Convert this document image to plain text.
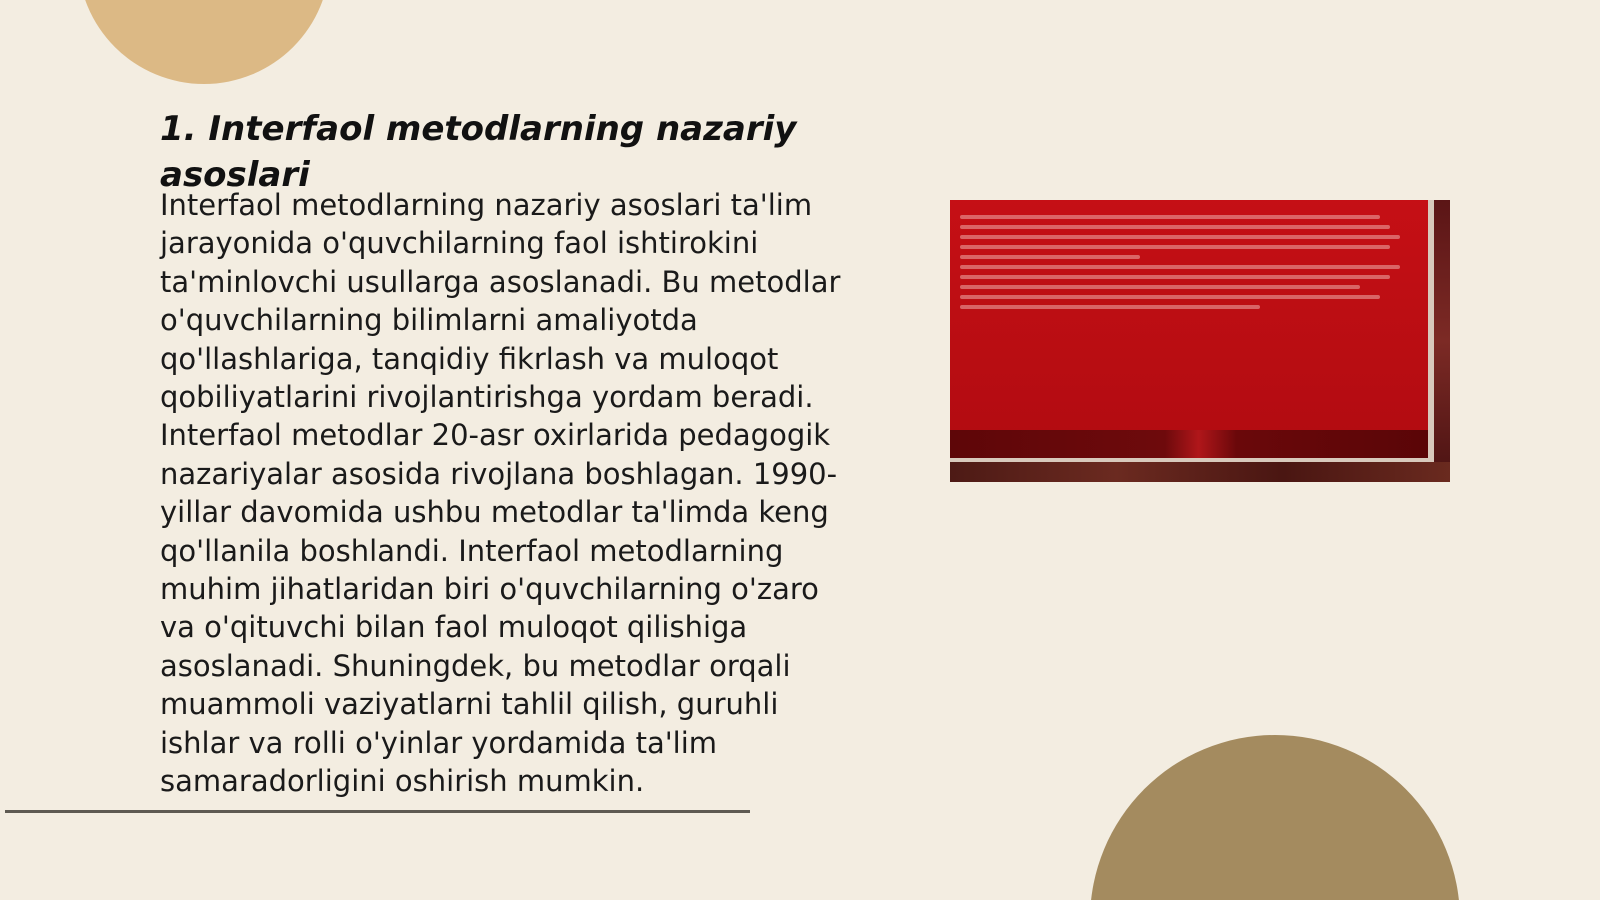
1. Interfaol metodlarning nazariy asoslari

Interfaol metodlarning nazariy asoslari ta'lim jarayonida o'quvchilarning faol ishtirokini ta'minlovchi usullarga asoslanadi. Bu metodlar o'quvchilarning bilimlarni amaliyotda qo'llashlariga, tanqidiy fikrlash va muloqot qobiliyatlarini rivojlantirishga yordam beradi. Interfaol metodlar 20-asr oxirlarida pedagogik nazariyalar asosida rivojlana boshlagan. 1990-yillar davomida ushbu metodlar ta'limda keng qo'llanila boshlandi. Interfaol metodlarning muhim jihatlaridan biri o'quvchilarning o'zaro va o'qituvchi bilan faol muloqot qilishiga asoslanadi. Shuningdek, bu metodlar orqali muammoli vaziyatlarni tahlil qilish, guruhli ishlar va rolli o'yinlar yordamida ta'lim samaradorligini oshirish mumkin.
